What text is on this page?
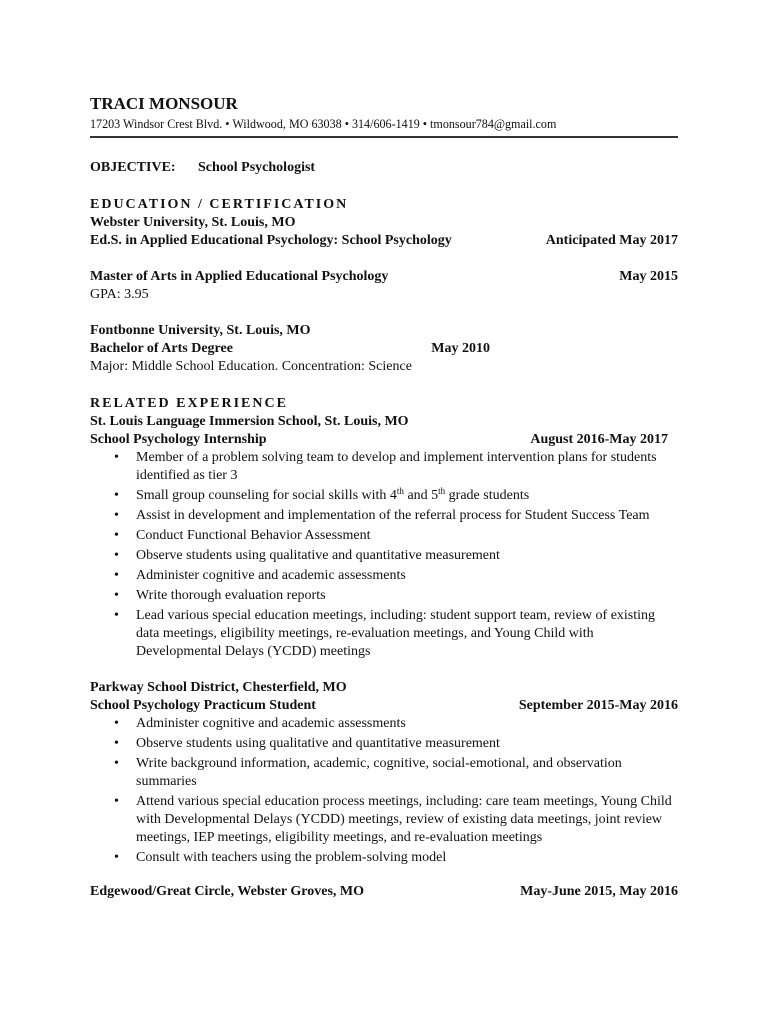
TRACI MONSOUR
17203 Windsor Crest Blvd. • Wildwood, MO 63038 • 314/606-1419 • tmonsour784@gmail.com
OBJECTIVE: School Psychologist
EDUCATION / CERTIFICATION
Webster University, St. Louis, MO
Ed.S. in Applied Educational Psychology: School Psychology	Anticipated May 2017
Master of Arts in Applied Educational Psychology	May 2015
GPA: 3.95
Fontbonne University, St. Louis, MO
Bachelor of Arts Degree	May 2010
Major: Middle School Education. Concentration: Science
RELATED EXPERIENCE
St. Louis Language Immersion School, St. Louis, MO
School Psychology Internship	August 2016-May 2017
• Member of a problem solving team to develop and implement intervention plans for students identified as tier 3
• Small group counseling for social skills with 4th and 5th grade students
• Assist in development and implementation of the referral process for Student Success Team
• Conduct Functional Behavior Assessment
• Observe students using qualitative and quantitative measurement
• Administer cognitive and academic assessments
• Write thorough evaluation reports
• Lead various special education meetings, including: student support team, review of existing data meetings, eligibility meetings, re-evaluation meetings, and Young Child with Developmental Delays (YCDD) meetings
Parkway School District, Chesterfield, MO
School Psychology Practicum Student	September 2015-May 2016
• Administer cognitive and academic assessments
• Observe students using qualitative and quantitative measurement
• Write background information, academic, cognitive, social-emotional, and observation summaries
• Attend various special education process meetings, including: care team meetings, Young Child with Developmental Delays (YCDD) meetings, review of existing data meetings, joint review meetings, IEP meetings, eligibility meetings, and re-evaluation meetings
• Consult with teachers using the problem-solving model
Edgewood/Great Circle, Webster Groves, MO	May-June 2015, May 2016
